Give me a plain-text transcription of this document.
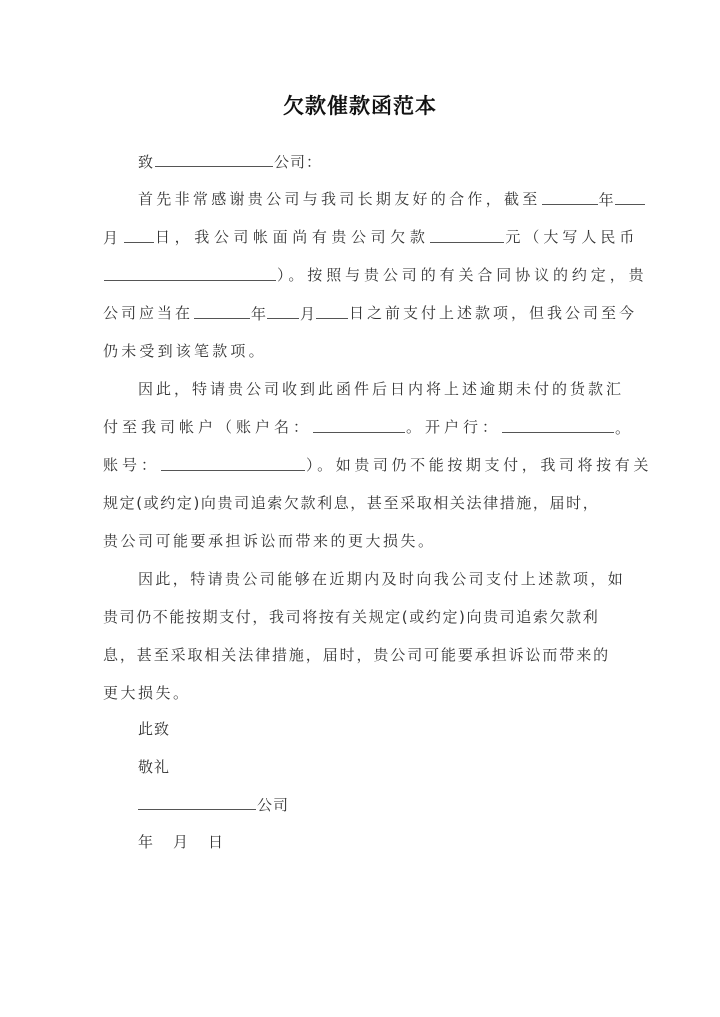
欠款催款函范本
致	公司：
首先非常感谢贵公司与我司长期友好的合作，截至	年
月	日，我公司帐面尚有贵公司欠款	元（大写人民币
）。按照与贵公司的有关合同协议的约定，贵
公司应当在	年 月	日之前支付上述款项，但我公司至今
仍未受到该笔款项。
因此，特请贵公司收到此函件后 日内将上述逾期未付的货款汇
付至我司帐户（账户名：	。开户行：	。
账号：	）。如贵司仍不能按期支付，我司将按有关
规定(或约定)向贵司追索欠款利息，甚至采取相关法律措施，届时，
贵公司可能要承担诉讼而带来的更大损失。
因此，特请贵公司能够在近期内及时向我公司支付上述款项，如
贵司仍不能按期支付，我司将按有关规定(或约定)向贵司追索欠款利
息，甚至采取相关法律措施，届时，贵公司可能要承担诉讼而带来的
更大损失。
此致
敬礼
公司
年 月 日
